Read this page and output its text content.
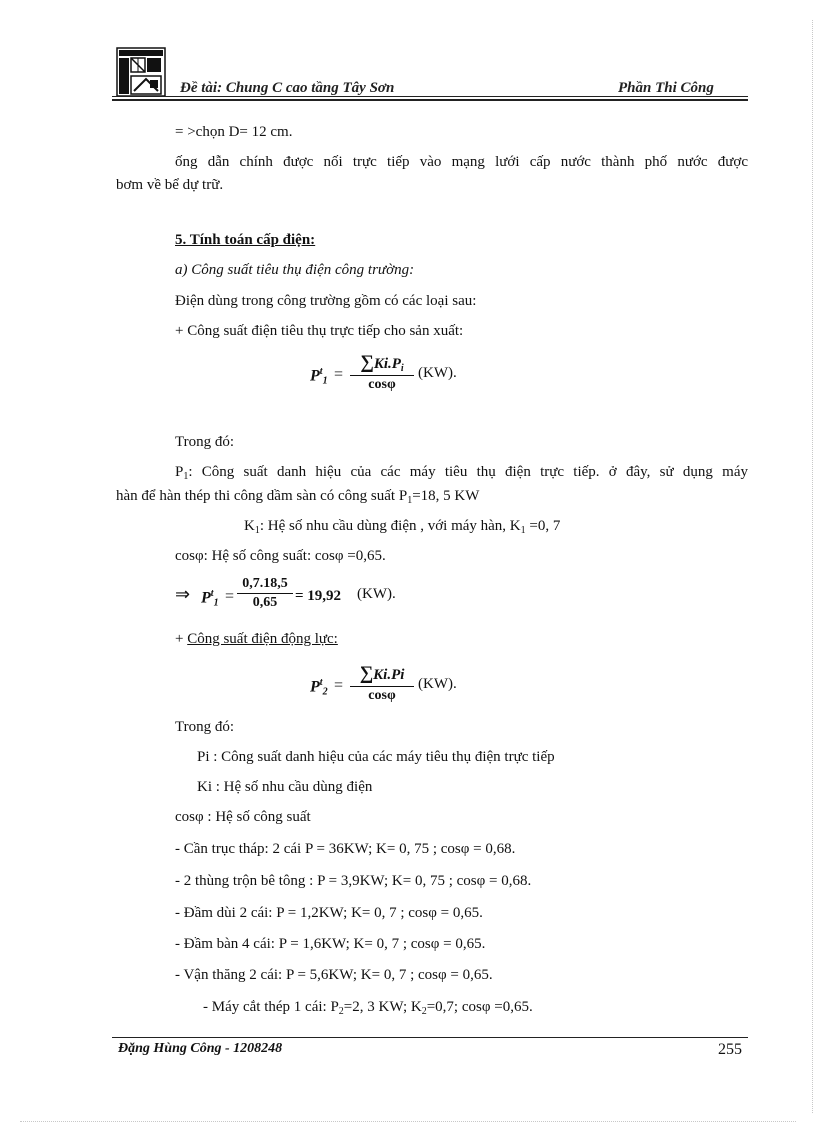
Đề tài: Chung C cao tầng Tây Sơn	Phần Thi Công
= >chọn D= 12 cm.
ống dẫn chính được nối trực tiếp vào mạng lưới cấp nước thành phố nước được
bơm về bể dự trữ.
5. Tính toán cấp điện:
a) Công suất tiêu thụ điện công trường:
Điện dùng trong công trường gồm có các loại sau:
+ Công suất điện tiêu thụ trực tiếp cho sản xuất:
$P^t_1$ =
$\sum Ki.P_i$
cosφ
(KW).
Trong đó:
$P_1$: Công suất danh hiệu của các máy tiêu thụ điện trực tiếp. ở đây, sử dụng máy
hàn để hàn thép thi công dầm sàn có công suất $P_1=18$, 5 KW
$K_1$: Hệ số nhu cầu dùng điện , với máy hàn, $K_1 =0$, 7
cosφ: Hệ số công suất: cosφ =0,65.
⇒ $P^t_1$ =
0,7.18,5
0,65	= 19,92 (KW).
+ Công suất điện động lực:
$P^t_2$ =
∑Ki.Pi
cosφ
(KW).
Trong đó:
Pi : Công suất danh hiệu của các máy tiêu thụ điện trực tiếp
Ki : Hệ số nhu cầu dùng điện
cosφ : Hệ số công suất
- Cần trục tháp: 2 cái P = 36KW; K= 0, 75 ; cosφ = 0,68.
- 2 thùng trộn bê tông : P = 3,9KW; K= 0, 75 ; cosφ = 0,68.
- Đầm dùi 2 cái: P = 1,2KW; K= 0, 7 ; cosφ = 0,65.
- Đầm bàn 4 cái: P = 1,6KW; K= 0, 7 ; cosφ = 0,65.
- Vận thăng 2 cái: P = 5,6KW; K= 0, 7 ; cosφ = 0,65.
- Máy cắt thép 1 cái: $P_2=2$, 3 KW; $K_2=0,7$; cosφ =0,65.
Đặng Hùng Công - 1208248	255
